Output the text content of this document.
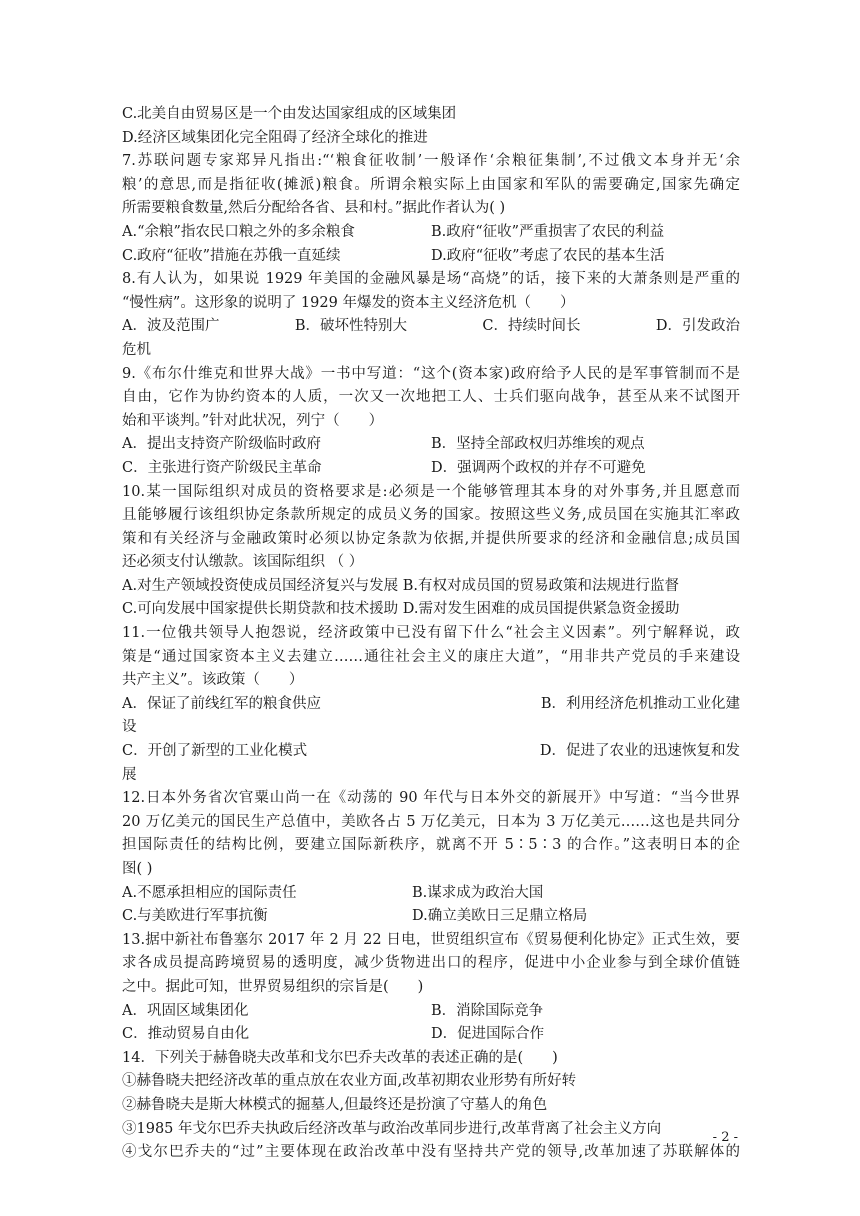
C.北美自由贸易区是一个由发达国家组成的区域集团
D.经济区域集团化完全阻碍了经济全球化的推进
7.苏联问题专家郑异凡指出:“‘粮食征收制’一般译作‘余粮征集制’,不过俄文本身并无‘余
粮’的意思,而是指征收(摊派)粮食。所谓余粮实际上由国家和军队的需要确定,国家先确定
所需要粮食数量,然后分配给各省、县和村。”据此作者认为( )
A.“余粮”指农民口粮之外的多余粮食	B.政府“征收”严重损害了农民的利益
C.政府“征收”措施在苏俄一直延续	D.政府“征收”考虑了农民的基本生活
8.有人认为，如果说 1929 年美国的金融风暴是场“高烧”的话，接下来的大萧条则是严重的
“慢性病”。这形象的说明了 1929 年爆发的资本主义经济危机（　　）
A．波及范围广	B．破坏性特别大	C．持续时间长	D．引发政治
危机
9.《布尔什维克和世界大战》一书中写道：“这个(资本家)政府给予人民的是军事管制而不是
自由，它作为协约资本的人质，一次又一次地把工人、士兵们驱向战争，甚至从来不试图开
始和平谈判。”针对此状况，列宁（　　）
A．提出支持资产阶级临时政府	B．坚持全部政权归苏维埃的观点
C．主张进行资产阶级民主革命	D．强调两个政权的并存不可避免
10.某一国际组织对成员的资格要求是:必须是一个能够管理其本身的对外事务,并且愿意而
且能够履行该组织协定条款所规定的成员义务的国家。按照这些义务,成员国在实施其汇率政
策和有关经济与金融政策时必须以协定条款为依据,并提供所要求的经济和金融信息;成员国
还必须支付认缴款。该国际组织 （ ）
A.对生产领域投资使成员国经济复兴与发展 B.有权对成员国的贸易政策和法规进行监督
C.可向发展中国家提供长期贷款和技术援助 D.需对发生困难的成员国提供紧急资金援助
11.一位俄共领导人抱怨说，经济政策中已没有留下什么“社会主义因素”。列宁解释说，政
策是“通过国家资本主义去建立……通往社会主义的康庄大道”，“用非共产党员的手来建设
共产主义”。该政策（　　）
A．保证了前线红军的粮食供应	B．利用经济危机推动工业化建
设
C．开创了新型的工业化模式	D．促进了农业的迅速恢复和发
展
12.日本外务省次官粟山尚一在《动荡的 90 年代与日本外交的新展开》中写道：“当今世界
20 万亿美元的国民生产总值中，美欧各占 5 万亿美元，日本为 3 万亿美元……这也是共同分
担国际责任的结构比例，要建立国际新秩序，就离不开 5∶5∶3 的合作。”这表明日本的企
图( )
A.不愿承担相应的国际责任	B.谋求成为政治大国
C.与美欧进行军事抗衡	D.确立美欧日三足鼎立格局
13.据中新社布鲁塞尔 2017 年 2 月 22 日电，世贸组织宣布《贸易便利化协定》正式生效，要
求各成员提高跨境贸易的透明度，减少货物进出口的程序，促进中小企业参与到全球价值链
之中。据此可知，世界贸易组织的宗旨是(　　)
A．巩固区域集团化	B．消除国际竞争
C．推动贸易自由化	D．促进国际合作
14．下列关于赫鲁晓夫改革和戈尔巴乔夫改革的表述正确的是(　　)
①赫鲁晓夫把经济改革的重点放在农业方面,改革初期农业形势有所好转
②赫鲁晓夫是斯大林模式的掘墓人,但最终还是扮演了守墓人的角色
③1985 年戈尔巴乔夫执政后经济改革与政治改革同步进行,改革背离了社会主义方向
④戈尔巴乔夫的“过”主要体现在政治改革中没有坚持共产党的领导,改革加速了苏联解体的
- 2 -
